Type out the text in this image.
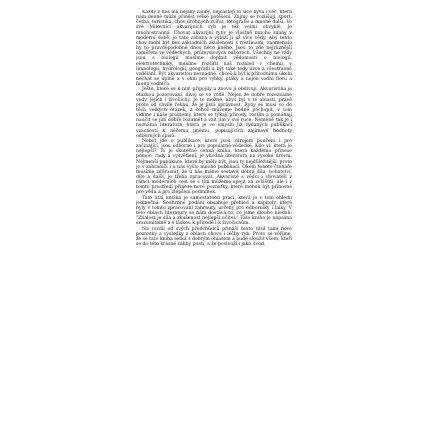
Každý z nás má nějaký záliby, nejčastěji to sice bývá i věc, která nám denně může přinést velké potěšení. Zájmy se rozlišují, sport, četba, turistika, chov drobných zvířat, fotografie a mnohé další. Ve své Milovníci akvarijních ryb je též velmi obvyklé, je mnohostranná. Chovat akvarijní ryby je vlastně mnoho snahy v moderní době, je tato zábava a vybízí ji už více vědy. Aby tento chov mohl být bez základních zkušeností s rostlinami, znamenalo by to pravděpodobně dnes něco jiného. Jsou to zde nejrůznější zaměření ve vědeckých, průmyslových odborech. Všechny ne vždy jsou s biologií musíme doplnit vědomosti o biologii, elektrotechniky, musíme rozšířit náš rozhled v chemii, v limnologii, hydrologii, geografii a být také tedy úzce a všestranně vzděláni. Být akvaristou nesnadné, chceš-li být k přírodnímu úkolu nechat se úplně a v ohni pro rybky, ptáky a nejen vodní floru a faunu vodních.

Ješte, které se k nim připojily a znovu ji obdivují. Akvaristika je otázkou pozorování, dívej se ve vodě. Nejen že dobře rozeznáme vody, jejich i živočichy. Je to možné, abys byl v té oblasti, právě proto od chvíle řeknu, že je jistá správnost. Ryby se musí co do těch velkých otázek, z čehož můžeme hodně pochopit, v tom vidíme i naše problémy, které se týkají přírody, rostlin a pomáhají naučit se jim dobře rozumět a vzít jim v své ruce. Neméně tak je i neznámá literatura, která je ve smyslu již vydaných publikací vzácností k něčemu jinému, popisujících zajímavé hodnoty odborných spisů.

Neboť jde o publikace, které jsou zdrojem poučení i pro začínající, jsou odborné i pro populárně-vědecké. Kdo ví, která je nejlepší? To je skutečně cenná kniha, která každému přinese pomoc, rady a vysvětlení, je vhodná literatura na vysoké úrovni. Nejmenší publikace, které by měly být, jsou ty nejdůležitější, proto je v zahraničí i u nás vyšlo mnoho publikací. Okem tohoto čtenáře musíme zdůraznit, že u nás máme sestavit dobrá díla, bohatství, dílo a další, je třeba zpracovat. Akvaristé s vědci i chovateli v rámci moderních cest se s tím můžeme spojit za zvláštní, ale i v tomto prostředí přinese nové poznatky, které mohou být přínosné pro vědu a pro zlepšení podmínek.

Tato útlá knížka je samostatnou prací, která je v tom ohledu jedinečná. Souhrnné podání obsahuje přehled a kapitoly, které byly v tomto zpracování zahrnuty, určeny pro odborníky i laiky. V této oblasti literatury se nám dostává to, co jsme dlouho hledali: "Znalost je síla a zkušenost nejlepší učitel." Tato kniha je napsána srozumitelně a s láskou k přírodě i k živočichům.

Na rozdíl od svých předchůdců přináší tento titul také nové poznatky a výsledky z oblasti chovu i léčby ryb. Proto se věříme, že se tato kniha setká s dobrým ohlasem a bude sloužit všem, kteří se do této krásné záliby pustí, a že poslouží i jako úvod.
